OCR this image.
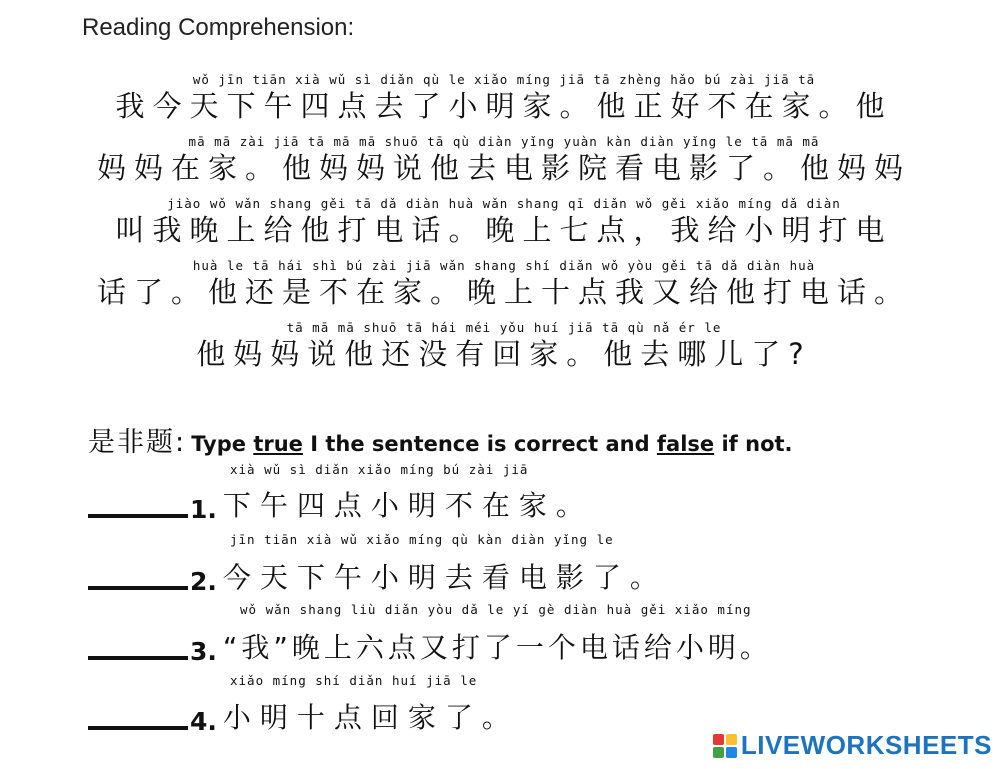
Reading Comprehension:
wǒ jīn tiān xià wǔ sì diǎn qù le xiǎo míng jiā tā zhèng hǎo bú zài jiā tā
我今天下午四点去了小明家。他正好不在家。他
mā mā zài jiā tā mā mā shuō tā qù diàn yǐng yuàn kàn diàn yǐng le tā mā mā
妈妈在家。他妈妈说他去电影院看电影了。他妈妈
jiào wǒ wǎn shang gěi tā dǎ diàn huà wǎn shang qī diǎn wǒ gěi xiǎo míng dǎ diàn
叫我晚上给他打电话。晚上七点，我给小明打电
huà le tā hái shì bú zài jiā wǎn shang shí diǎn wǒ yòu gěi tā dǎ diàn huà
话了。他还是不在家。晚上十点我又给他打电话。
tā mā mā shuō tā hái méi yǒu huí jiā tā qù nǎ ér le
他妈妈说他还没有回家。他去哪儿了?
是非题: Type true I the sentence is correct and false if not.
xià wǔ sì diǎn xiǎo míng bú zài jiā
1. 下午四点小明不在家。
jīn tiān xià wǔ xiǎo míng qù kàn diàn yǐng le
2. 今天下午小明去看电影了。
wǒ wǎn shang liù diǎn yòu dǎ le yí gè diàn huà gěi xiǎo míng
3. “我”晚上六点又打了一个电话给小明。
xiǎo míng shí diǎn huí jiā le
4. 小明十点回家了。
LIVEWORKSHEETS
